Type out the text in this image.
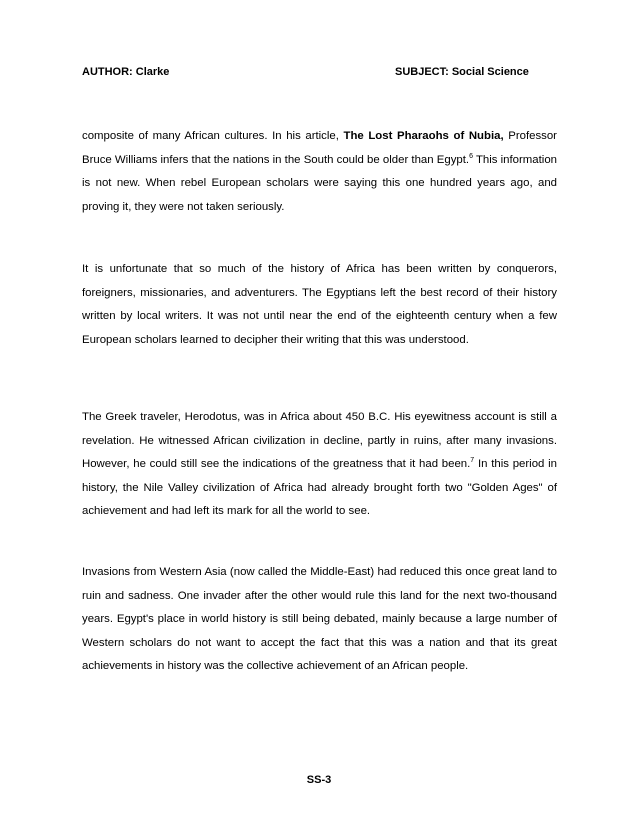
AUTHOR: Clarke	SUBJECT: Social Science

composite of many African cultures. In his article, The Lost Pharaohs of Nubia, Professor Bruce Williams infers that the nations in the South could be older than Egypt.$^6$ This information is not new. When rebel European scholars were saying this one hundred years ago, and proving it, they were not taken seriously.

It is unfortunate that so much of the history of Africa has been written by conquerors, foreigners, missionaries, and adventurers. The Egyptians left the best record of their history written by local writers. It was not until near the end of the eighteenth century when a few European scholars learned to decipher their writing that this was understood.

The Greek traveler, Herodotus, was in Africa about 450 B.C. His eyewitness account is still a revelation. He witnessed African civilization in decline, partly in ruins, after many invasions. However, he could still see the indications of the greatness that it had been.$^7$ In this period in history, the Nile Valley civilization of Africa had already brought forth two "Golden Ages" of achievement and had left its mark for all the world to see.

Invasions from Western Asia (now called the Middle-East) had reduced this once great land to ruin and sadness. One invader after the other would rule this land for the next two-thousand years. Egypt's place in world history is still being debated, mainly because a large number of Western scholars do not want to accept the fact that this was a nation and that its great achievements in history was the collective achievement of an African people.

SS-3
